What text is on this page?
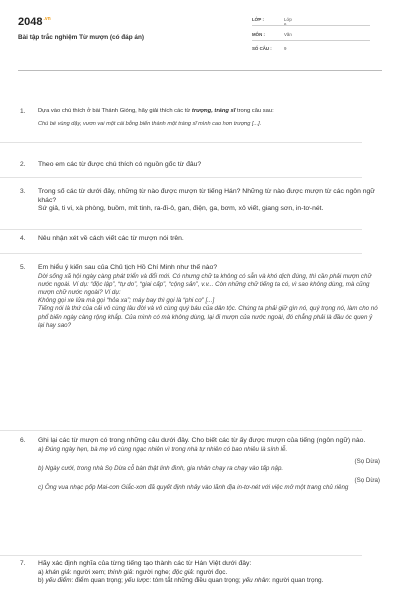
$2048^{.vn}$
Bài tập trắc nghiệm Từ mượn (có đáp án)
LỚP :	Lớp 6
MÔN :	Văn
SỐ CÂU :	9
1. Dựa vào chú thích ở bài Thánh Gióng, hãy giải thích các từ trượng, tráng sĩ trong câu sau:
Chú bé vùng dậy, vươn vai một cái bỗng biến thành một tráng sĩ mình cao hơn trượng [...].
2. Theo em các từ được chú thích có nguồn gốc từ đâu?
3. Trong số các từ dưới đây, những từ nào được mượn từ tiếng Hán? Những từ nào được mượn từ các ngôn ngữ khác?
Sứ giả, ti vi, xà phòng, buồm, mít tinh, ra-đi-ô, gan, điện, ga, bơm, xô viết, giang sơn, in-tơ-nét.
4. Nêu nhận xét về cách viết các từ mượn nói trên.
5. Em hiểu ý kiến sau của Chủ tịch Hồ Chí Minh như thế nào?
Dời sống xã hội ngày càng phát triển và đổi mới. Có nhưng chữ ta không có sẵn và khó dịch đúng, thì cần phải mượn chữ nước ngoài. Ví dụ: “độc lập”, “tự do”, “giai cấp”, “cộng sản”, v.v... Còn những chữ tiếng ta có, vì sao không dùng, mà cũng mượn chữ nước ngoài? Ví dụ:
Không gọi xe lửa mà gọi “hỏa xa”; máy bay thì gọi là “phi cơ” [...]
Tiếng nói là thứ của cải vô cùng lâu đời và vô cùng quý báu của dân tộc. Chúng ta phải giữ gìn nó, quý trọng nó, làm cho nó phổ biến ngày càng rộng khắp. Của mình có mà không dùng, lại đi mượn của nước ngoài, đó chẳng phải là đầu óc quen ỷ lại hay sao?
6. Ghi lại các từ mượn có trong những câu dưới đây. Cho biết các từ ấy được mượn của tiếng (ngôn ngữ) nào.
a) Đúng ngày hẹn, bà mẹ vô cùng ngạc nhiên vì trong nhà tự nhiên có bao nhiêu là sính lễ.
(Sọ Dừa)
b) Ngày cưới, trong nhà Sọ Dừa cỗ bàn thật linh đình, gia nhân chạy ra chạy vào tấp nập.
(Sọ Dừa)
c) Ông vua nhạc pốp Mai-cơn Giắc-xơn đã quyết định nhảy vào lãnh địa in-tơ-nét với việc mở một trang chủ riêng
7. Hãy xác định nghĩa của từng tiếng tạo thành các từ Hán Việt dưới đây:
a) khán giả: người xem; thính giả: người nghe; độc giả: người đọc.
b) yếu điểm: điểm quan trọng; yếu lược: tóm tắt những điều quan trọng; yếu nhân: người quan trọng.
